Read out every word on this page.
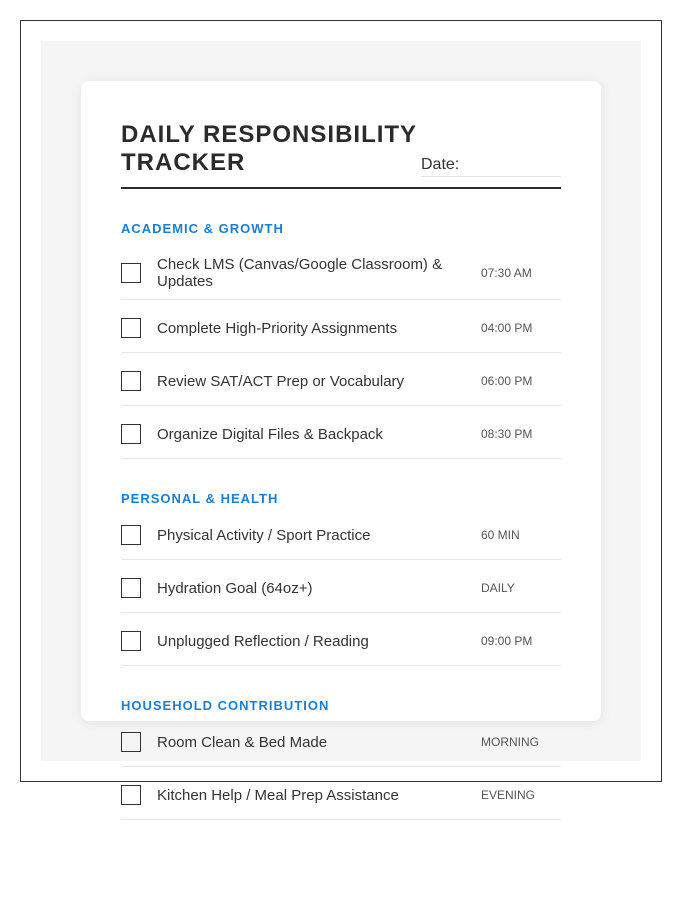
DAILY RESPONSIBILITY TRACKER	Date:
ACADEMIC & GROWTH
Check LMS (Canvas/Google Classroom) & Updates	07:30 AM
Complete High-Priority Assignments	04:00 PM
Review SAT/ACT Prep or Vocabulary	06:00 PM
Organize Digital Files & Backpack	08:30 PM
PERSONAL & HEALTH
Physical Activity / Sport Practice	60 MIN
Hydration Goal (64oz+)	DAILY
Unplugged Reflection / Reading	09:00 PM
HOUSEHOLD CONTRIBUTION
Room Clean & Bed Made	MORNING
Kitchen Help / Meal Prep Assistance	EVENING
